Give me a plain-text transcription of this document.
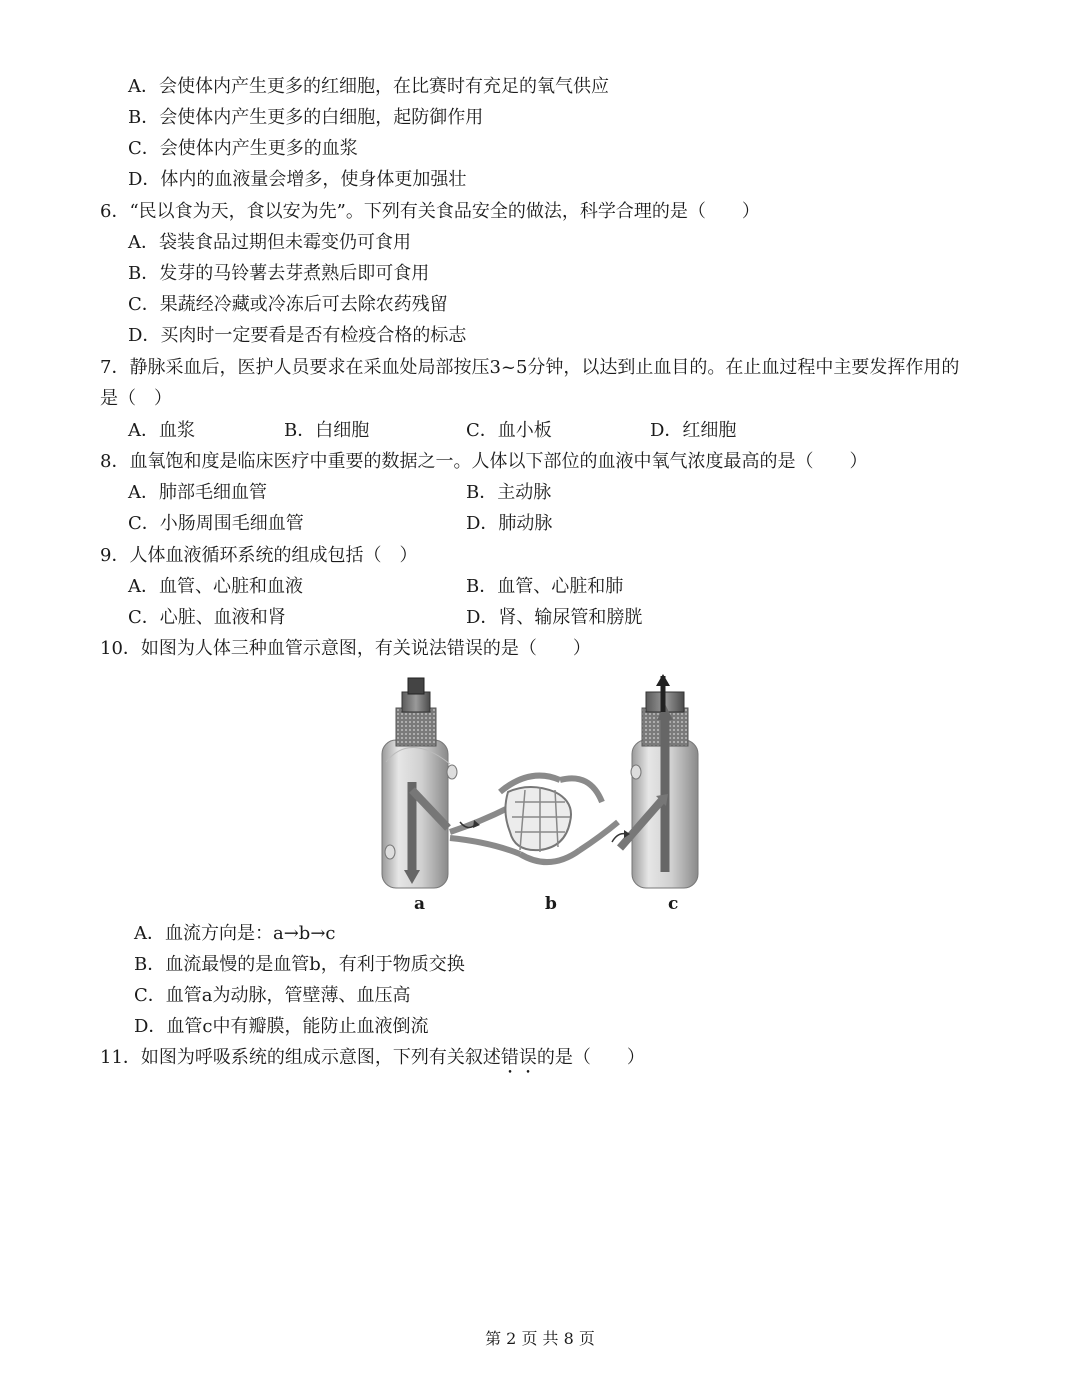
A．会使体内产生更多的红细胞，在比赛时有充足的氧气供应
B．会使体内产生更多的白细胞，起防御作用
C．会使体内产生更多的血浆
D．体内的血液量会增多，使身体更加强壮
6．“民以食为天，食以安为先”。下列有关食品安全的做法，科学合理的是（　　）
A．袋装食品过期但未霉变仍可食用
B．发芽的马铃薯去芽煮熟后即可食用
C．果蔬经冷藏或冷冻后可去除农药残留
D．买肉时一定要看是否有检疫合格的标志
7．静脉采血后，医护人员要求在采血处局部按压3~5分钟，以达到止血目的。在止血过程中主要发挥作用的
是（　）
A．血浆	B．白细胞	C．血小板	D．红细胞
8．血氧饱和度是临床医疗中重要的数据之一。人体以下部位的血液中氧气浓度最高的是（　　）
A．肺部毛细血管	B．主动脉
C．小肠周围毛细血管	D．肺动脉
9．人体血液循环系统的组成包括（　）
A．血管、心脏和血液	B．血管、心脏和肺
C．心脏、血液和肾	D．肾、输尿管和膀胱
10．如图为人体三种血管示意图，有关说法错误的是（　　）
a	b	c
A．血流方向是：a→b→c
B．血流最慢的是血管b，有利于物质交换
C．血管a为动脉，管壁薄、血压高
D．血管c中有瓣膜，能防止血液倒流
11．如图为呼吸系统的组成示意图，下列有关叙述错误的是（　　）
第 2 页 共 8 页
